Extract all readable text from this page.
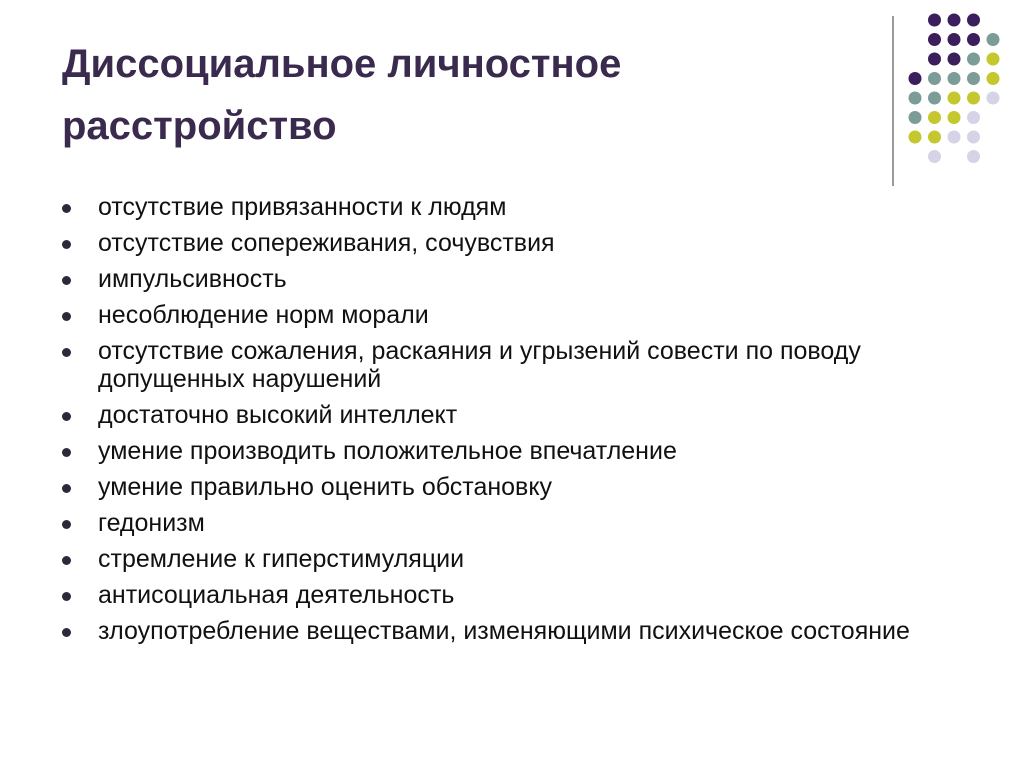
Диссоциальное личностное расстройство
отсутствие привязанности к людям
отсутствие сопереживания, сочувствия
импульсивность
несоблюдение норм морали
отсутствие сожаления, раскаяния и угрызений совести по поводу допущенных нарушений
достаточно высокий интеллект
умение производить положительное впечатление
умение правильно оценить обстановку
гедонизм
стремление к гиперстимуляции
антисоциальная деятельность
злоупотребление веществами, изменяющими психическое состояние
